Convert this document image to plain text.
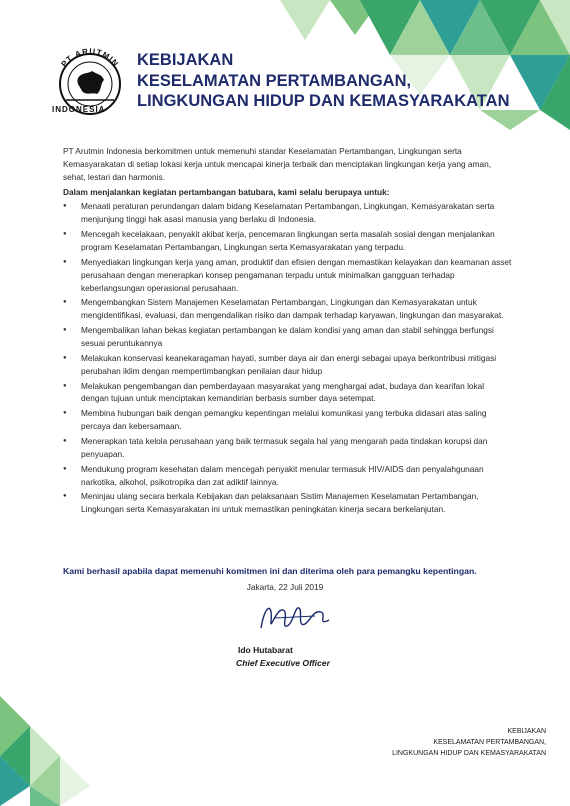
PT ARUTMIN
INDONESIA
KEBIJAKAN
KESELAMATAN PERTAMBANGAN,
LINGKUNGAN HIDUP DAN KEMASYARAKATAN

PT Arutmin Indonesia berkomitmen untuk memenuhi standar Keselamatan Pertambangan, Lingkungan serta Kemasyarakatan di setiap lokasi kerja untuk mencapai kinerja terbaik dan menciptakan lingkungan kerja yang aman, sehat, lestari dan harmonis.

Dalam menjalankan kegiatan pertambangan batubara, kami selalu berupaya untuk:

● Menaati peraturan perundangan dalam bidang Keselamatan Pertambangan, Lingkungan, Kemasyarakatan serta menjunjung tinggi hak asasi manusia yang berlaku di Indonesia.
● Mencegah kecelakaan, penyakit akibat kerja, pencemaran lingkungan serta masalah sosial dengan menjalankan program Keselamatan Pertambangan, Lingkungan serta Kemasyarakatan yang terpadu.
● Menyediakan lingkungan kerja yang aman, produktif dan efisien dengan memastikan kelayakan dan keamanan asset perusahaan dengan menerapkan konsep pengamanan terpadu untuk minimalkan gangguan terhadap keberlangsungan operasional perusahaan.
● Mengembangkan Sistem Manajemen Keselamatan Pertambangan, Lingkungan dan Kemasyarakatan untuk mengidentifikasi, evaluasi, dan mengendalikan risiko dan dampak terhadap karyawan, lingkungan dan masyarakat.
● Mengembalikan lahan bekas kegiatan pertambangan ke dalam kondisi yang aman dan stabil sehingga berfungsi sesuai peruntukannya
● Melakukan konservasi keanekaragaman hayati, sumber daya air dan energi sebagai upaya berkontribusi mitigasi perubahan iklim dengan mempertimbangkan penilaian daur hidup
● Melakukan pengembangan dan pemberdayaan masyarakat yang menghargai adat, budaya dan kearifan lokal dengan tujuan untuk menciptakan kemandirian berbasis sumber daya setempat.
● Membina hubungan baik dengan pemangku kepentingan melalui komunikasi yang terbuka didasari atas saling percaya dan kebersamaan.
● Menerapkan tata kelola perusahaan yang baik termasuk segala hal yang mengarah pada tindakan korupsi dan penyuapan.
● Mendukung program kesehatan dalam mencegah penyakit menular termasuk HIV/AIDS dan penyalahgunaan narkotika, alkohol, psikotropika dan zat adiktif lainnya.
● Meninjau ulang secara berkala Kebijakan dan pelaksanaan Sistim Manajemen Keselamatan Pertambangan, Lingkungan serta Kemasyarakatan ini untuk memastikan peningkatan kinerja secara berkelanjutan.
Kami berhasil apabila dapat memenuhi komitmen ini dan diterima oleh para pemangku kepentingan.
Jakarta, 22 Juli 2019
Ido Hutabarat
Chief Executive Officer
KEBIJAKAN
KESELAMATAN PERTAMBANGAN,
LINGKUNGAN HIDUP DAN KEMASYARAKATAN
